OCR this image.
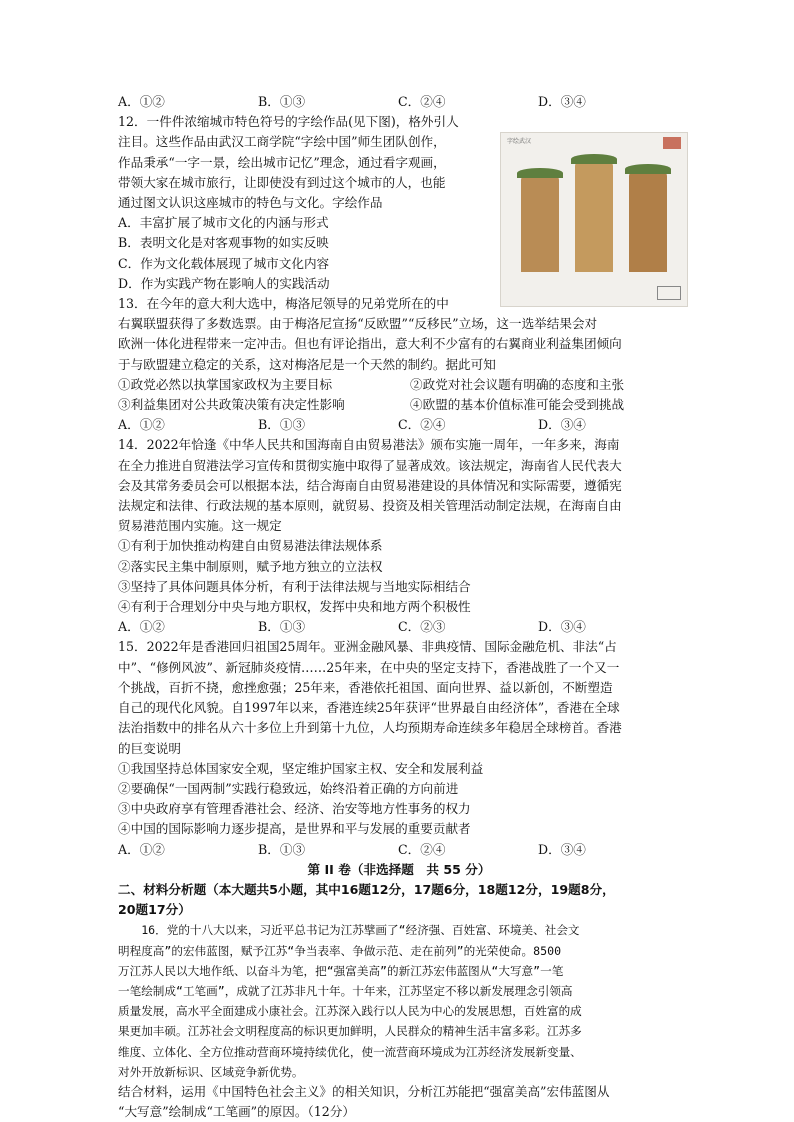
A．①②	B．①③	C．②④	D．③④

12．一件件浓缩城市特色符号的字绘作品(见下图)，格外引人

注目。这些作品由武汉工商学院“字绘中国”师生团队创作，

作品秉承“一字一景，绘出城市记忆”理念，通过看字观画，

带领大家在城市旅行，让即使没有到过这个城市的人，也能

通过图文认识这座城市的特色与文化。字绘作品

A．丰富扩展了城市文化的内涵与形式

B．表明文化是对客观事物的如实反映

C．作为文化载体展现了城市文化内容

D．作为实践产物在影响人的实践活动

字绘武汉

13．在今年的意大利大选中，梅洛尼领导的兄弟党所在的中

右翼联盟获得了多数选票。由于梅洛尼宣扬“反欧盟”“反移民”立场，这一选举结果会对

欧洲一体化进程带来一定冲击。但也有评论指出，意大利不少富有的右翼商业利益集团倾向

于与欧盟建立稳定的关系，这对梅洛尼是一个天然的制约。据此可知

①政党必然以执掌国家政权为主要目标	②政党对社会议题有明确的态度和主张
③利益集团对公共政策决策有决定性影响	④欧盟的基本价值标准可能会受到挑战
A．①②	B．①③	C．②④	D．③④

14．2022年恰逢《中华人民共和国海南自由贸易港法》颁布实施一周年，一年多来，海南

在全力推进自贸港法学习宣传和贯彻实施中取得了显著成效。该法规定，海南省人民代表大

会及其常务委员会可以根据本法，结合海南自由贸易港建设的具体情况和实际需要，遵循宪

法规定和法律、行政法规的基本原则，就贸易、投资及相关管理活动制定法规，在海南自由

贸易港范围内实施。这一规定

①有利于加快推动构建自由贸易港法律法规体系

②落实民主集中制原则，赋予地方独立的立法权

③坚持了具体问题具体分析，有利于法律法规与当地实际相结合

④有利于合理划分中央与地方职权，发挥中央和地方两个积极性

A．①②	B．①③	C．②③	D．③④

15．2022年是香港回归祖国25周年。亚洲金融风暴、非典疫情、国际金融危机、非法“占

中”、“修例风波”、新冠肺炎疫情……25年来，在中央的坚定支持下，香港战胜了一个又一

个挑战，百折不挠，愈挫愈强；25年来，香港依托祖国、面向世界、益以新创，不断塑造

自己的现代化风貌。自1997年以来，香港连续25年获评“世界最自由经济体”，香港在全球

法治指数中的排名从六十多位上升到第十九位，人均预期寿命连续多年稳居全球榜首。香港

的巨变说明

①我国坚持总体国家安全观，坚定维护国家主权、安全和发展利益

②要确保“一国两制”实践行稳致远，始终沿着正确的方向前进

③中央政府享有管理香港社会、经济、治安等地方性事务的权力

④中国的国际影响力逐步提高，是世界和平与发展的重要贡献者

A．①②	B．①③	C．②④	D．③④

第 II 卷（非选择题　共 55 分）

二、材料分析题（本大题共5小题，其中16题12分，17题6分，18题12分，19题8分，

20题17分）

16．党的十八大以来，习近平总书记为江苏擘画了“经济强、百姓富、环境美、社会文

明程度高”的宏伟蓝图，赋予江苏“争当表率、争做示范、走在前列”的光荣使命。8500

万江苏人民以大地作纸、以奋斗为笔，把“强富美高”的新江苏宏伟蓝图从“大写意”一笔

一笔绘制成“工笔画”，成就了江苏非凡十年。十年来，江苏坚定不移以新发展理念引领高

质量发展，高水平全面建成小康社会。江苏深入践行以人民为中心的发展思想，百姓富的成

果更加丰硕。江苏社会文明程度高的标识更加鲜明，人民群众的精神生活丰富多彩。江苏多

维度、立体化、全方位推动营商环境持续优化，使一流营商环境成为江苏经济发展新变量、

对外开放新标识、区域竞争新优势。

结合材料，运用《中国特色社会主义》的相关知识，分析江苏能把“强富美高”宏伟蓝图从

“大写意”绘制成“工笔画”的原因。（12分）
